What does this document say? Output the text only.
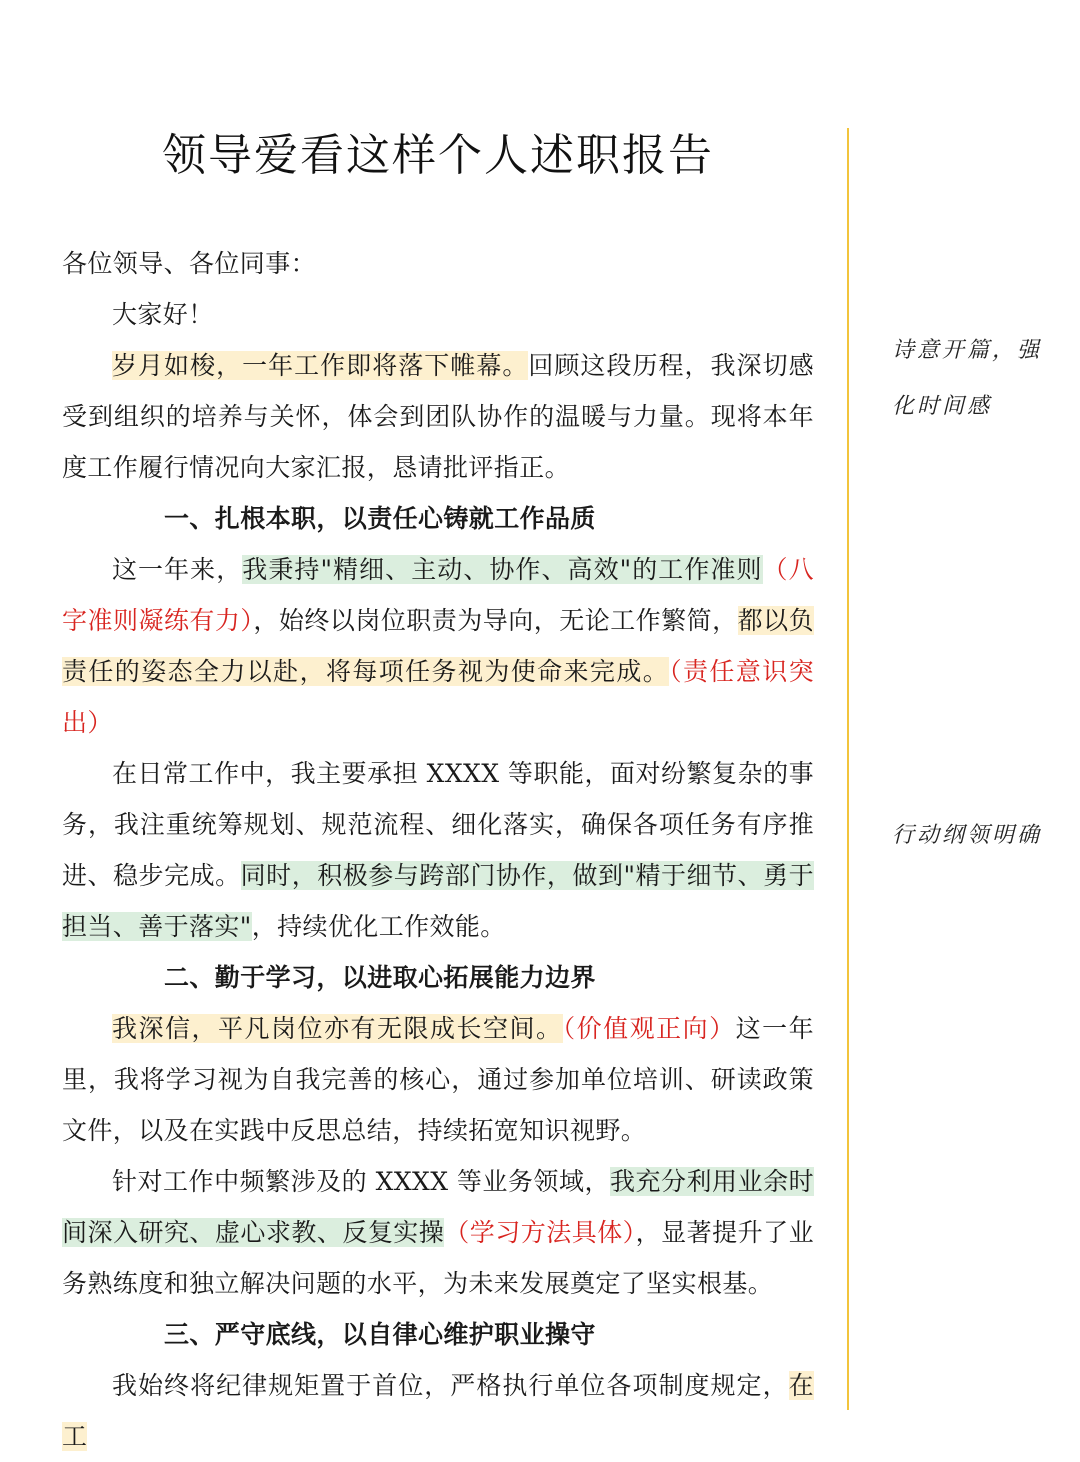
领导爱看这样个人述职报告

各位领导、各位同事：

大家好！

岁月如梭，一年工作即将落下帷幕。回顾这段历程，我深切感受到组织的培养与关怀，体会到团队协作的温暖与力量。现将本年度工作履行情况向大家汇报，恳请批评指正。

一、扎根本职，以责任心铸就工作品质

这一年来，我秉持"精细、主动、协作、高效"的工作准则（八字准则凝练有力），始终以岗位职责为导向，无论工作繁简，都以负责任的姿态全力以赴，将每项任务视为使命来完成。（责任意识突出）

在日常工作中，我主要承担 XXXX 等职能，面对纷繁复杂的事务，我注重统筹规划、规范流程、细化落实，确保各项任务有序推进、稳步完成。同时，积极参与跨部门协作，做到"精于细节、勇于担当、善于落实"，持续优化工作效能。

二、勤于学习，以进取心拓展能力边界

我深信，平凡岗位亦有无限成长空间。（价值观正向）这一年里，我将学习视为自我完善的核心，通过参加单位培训、研读政策文件，以及在实践中反思总结，持续拓宽知识视野。

针对工作中频繁涉及的 XXXX 等业务领域，我充分利用业余时间深入研究、虚心求教、反复实操（学习方法具体），显著提升了业务熟练度和独立解决问题的水平，为未来发展奠定了坚实根基。

三、严守底线，以自律心维护职业操守

我始终将纪律规矩置于首位，严格执行单位各项制度规定，在工

诗意开篇，强化时间感
行动纲领明确
